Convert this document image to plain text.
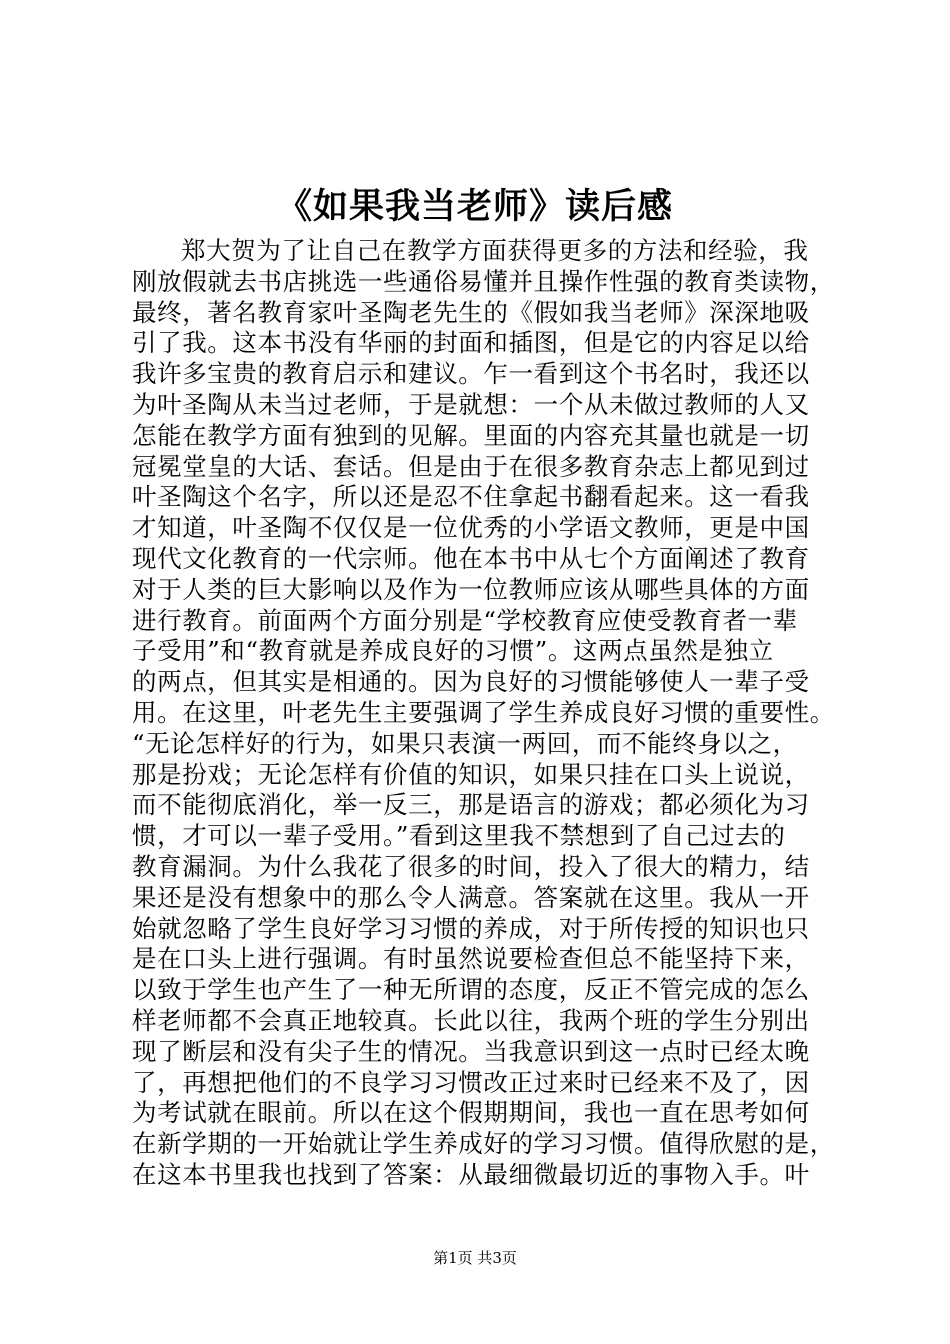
《如果我当老师》读后感
郑大贺为了让自己在教学方面获得更多的方法和经验，我
刚放假就去书店挑选一些通俗易懂并且操作性强的教育类读物，
最终，著名教育家叶圣陶老先生的《假如我当老师》深深地吸
引了我。这本书没有华丽的封面和插图，但是它的内容足以给
我许多宝贵的教育启示和建议。乍一看到这个书名时，我还以
为叶圣陶从未当过老师，于是就想：一个从未做过教师的人又
怎能在教学方面有独到的见解。里面的内容充其量也就是一切
冠冕堂皇的大话、套话。但是由于在很多教育杂志上都见到过
叶圣陶这个名字，所以还是忍不住拿起书翻看起来。这一看我
才知道，叶圣陶不仅仅是一位优秀的小学语文教师，更是中国
现代文化教育的一代宗师。他在本书中从七个方面阐述了教育
对于人类的巨大影响以及作为一位教师应该从哪些具体的方面
进行教育。前面两个方面分别是“学校教育应使受教育者一辈
子受用”和“教育就是养成良好的习惯”。这两点虽然是独立
的两点，但其实是相通的。因为良好的习惯能够使人一辈子受
用。在这里，叶老先生主要强调了学生养成良好习惯的重要性。
“无论怎样好的行为，如果只表演一两回，而不能终身以之，
那是扮戏；无论怎样有价值的知识，如果只挂在口头上说说，
而不能彻底消化，举一反三，那是语言的游戏；都必须化为习
惯，才可以一辈子受用。”看到这里我不禁想到了自己过去的
教育漏洞。为什么我花了很多的时间，投入了很大的精力，结
果还是没有想象中的那么令人满意。答案就在这里。我从一开
始就忽略了学生良好学习习惯的养成，对于所传授的知识也只
是在口头上进行强调。有时虽然说要检查但总不能坚持下来，
以致于学生也产生了一种无所谓的态度，反正不管完成的怎么
样老师都不会真正地较真。长此以往，我两个班的学生分别出
现了断层和没有尖子生的情况。当我意识到这一点时已经太晚
了，再想把他们的不良学习习惯改正过来时已经来不及了，因
为考试就在眼前。所以在这个假期期间，我也一直在思考如何
在新学期的一开始就让学生养成好的学习习惯。值得欣慰的是，
在这本书里我也找到了答案：从最细微最切近的事物入手。叶
第1页 共3页
